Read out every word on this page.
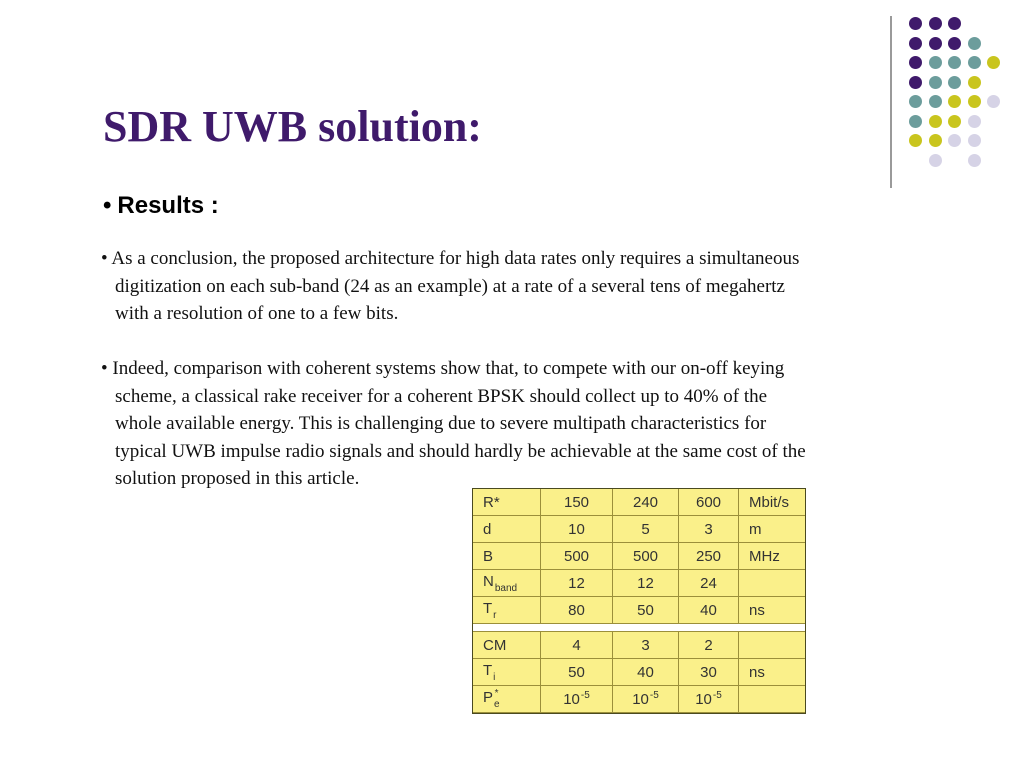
SDR UWB solution:
• Results :
• As a conclusion, the proposed architecture for high data rates only requires a simultaneous
digitization on each sub-band (24 as an example) at a rate of a several tens of megahertz
with a resolution of one to a few bits.
• Indeed, comparison with coherent systems show that, to compete with our on-off keying
scheme, a classical rake receiver for a coherent BPSK should collect up to 40% of the
whole available energy. This is challenging due to severe multipath characteristics for
typical UWB impulse radio signals and should hardly be achievable at the same cost of the
solution proposed in this article.
R*	150	240	600	Mbit/s
d	10	5	3	m
B	500	500	250	MHz
$N_{band}$	12	12	24	
$T_r$	80	50	40	ns

CM	4	3	2	
$T_i$	50	40	30	ns
$P_e^*$	$10^{-5}$	$10^{-5}$	$10^{-5}$	
